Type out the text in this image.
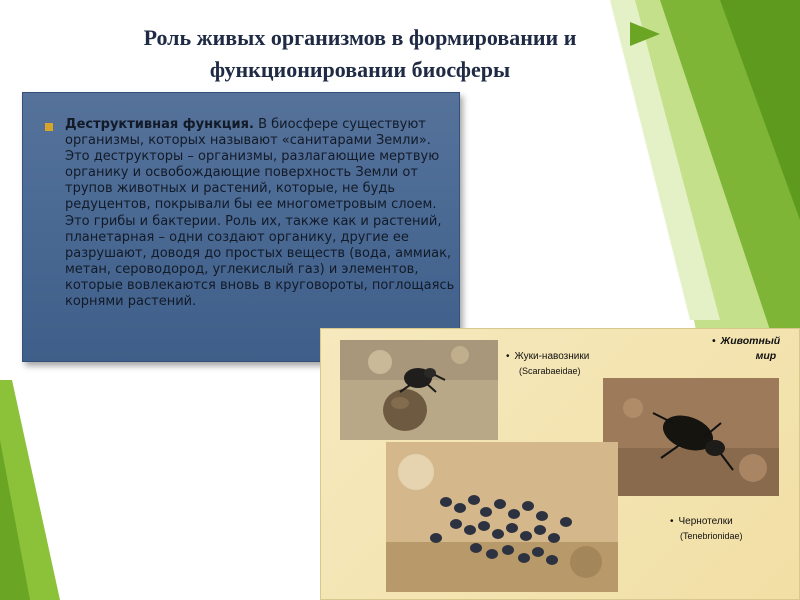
Роль живых организмов в формировании и
функционировании биосферы
Деструктивная функция. В биосфере существуют организмы, которых называют «санитарами Земли». Это деструкторы – организмы, разлагающие мертвую органику и освобождающие поверхность Земли от трупов животных и растений, которые, не будь редуцентов, покрывали бы ее многометровым слоем. Это грибы и бактерии. Роль их, также как и растений, планетарная – одни создают органику, другие ее разрушают, доводя до простых веществ (вода, аммиак, метан, сероводород, углекислый газ) и элементов, которые вовлекаются вновь в круговороты, поглощаясь корнями растений.
• Жуки-навозники
(Scarabaeidae)
• Животный
мир
• Чернотелки
(Tenebrionidae)
